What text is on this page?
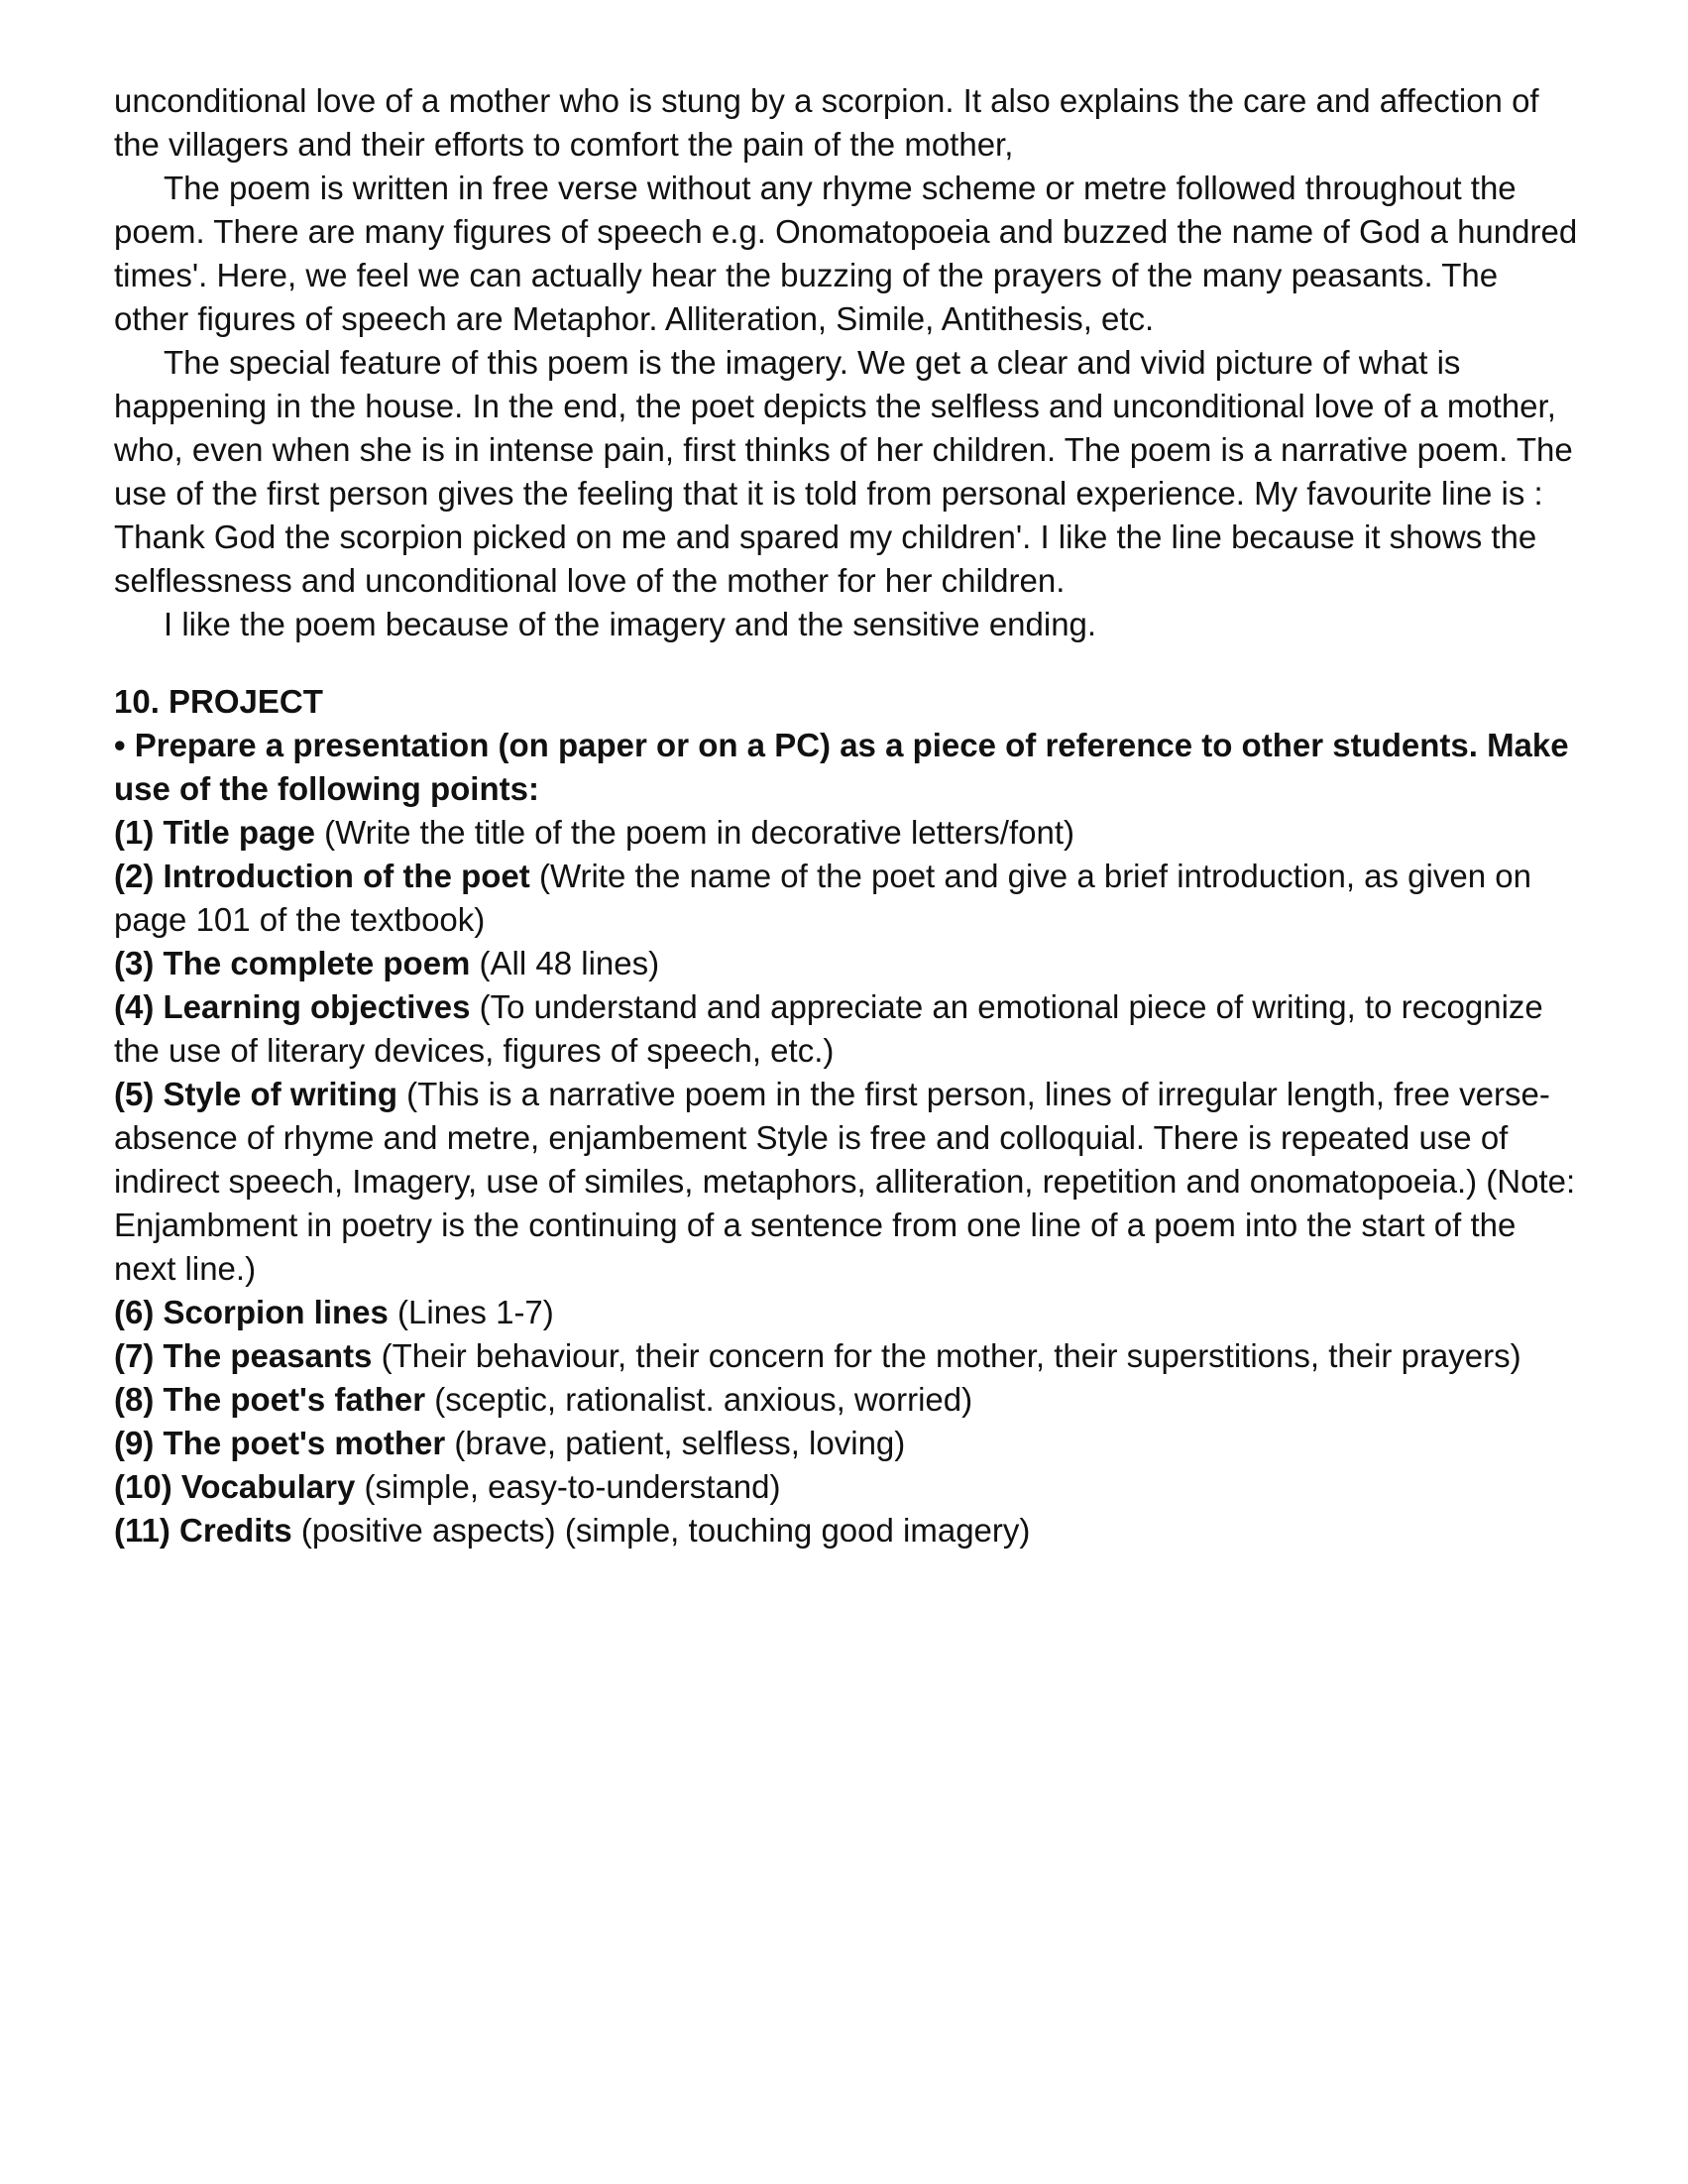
unconditional love of a mother who is stung by a scorpion. It also explains the care and affection of the villagers and their efforts to comfort the pain of the mother,

The poem is written in free verse without any rhyme scheme or metre followed throughout the poem. There are many figures of speech e.g. Onomatopoeia and buzzed the name of God a hundred times'. Here, we feel we can actually hear the buzzing of the prayers of the many peasants. The other figures of speech are Metaphor. Alliteration, Simile, Antithesis, etc.

The special feature of this poem is the imagery. We get a clear and vivid picture of what is happening in the house. In the end, the poet depicts the selfless and unconditional love of a mother, who, even when she is in intense pain, first thinks of her children. The poem is a narrative poem. The use of the first person gives the feeling that it is told from personal experience. My favourite line is : Thank God the scorpion picked on me and spared my children'. I like the line because it shows the selflessness and unconditional love of the mother for her children.

I like the poem because of the imagery and the sensitive ending.

10. PROJECT

• Prepare a presentation (on paper or on a PC) as a piece of reference to other students. Make use of the following points:

(1) Title page (Write the title of the poem in decorative letters/font)

(2) Introduction of the poet (Write the name of the poet and give a brief introduction, as given on page 101 of the textbook)

(3) The complete poem (All 48 lines)

(4) Learning objectives (To understand and appreciate an emotional piece of writing, to recognize the use of literary devices, figures of speech, etc.)

(5) Style of writing (This is a narrative poem in the first person, lines of irregular length, free verse-absence of rhyme and metre, enjambement Style is free and colloquial. There is repeated use of indirect speech, Imagery, use of similes, metaphors, alliteration, repetition and onomatopoeia.) (Note: Enjambment in poetry is the continuing of a sentence from one line of a poem into the start of the next line.)

(6) Scorpion lines (Lines 1-7)

(7) The peasants (Their behaviour, their concern for the mother, their superstitions, their prayers)

(8) The poet's father (sceptic, rationalist. anxious, worried)

(9) The poet's mother (brave, patient, selfless, loving)

(10) Vocabulary (simple, easy-to-understand)

(11) Credits (positive aspects) (simple, touching good imagery)
